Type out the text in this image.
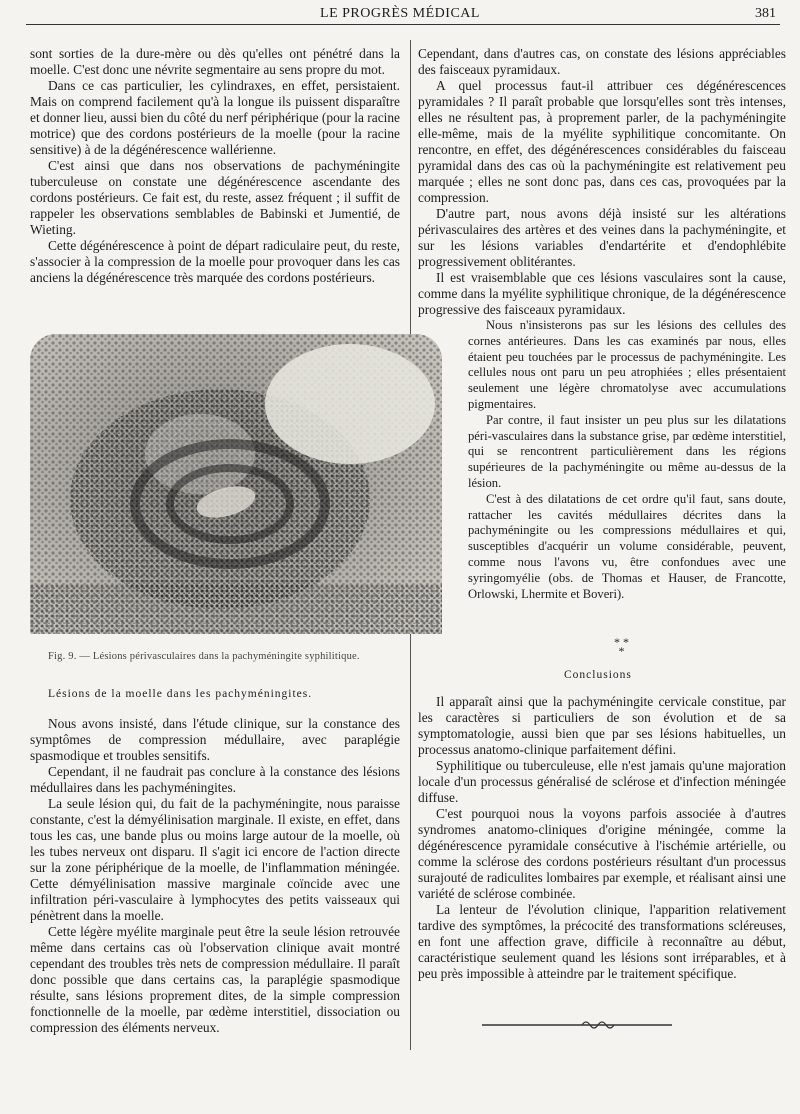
LE PROGRÈS MÉDICAL	381

sont sorties de la dure-mère ou dès qu'elles ont pénétré dans la moelle. C'est donc une névrite segmentaire au sens propre du mot.

Dans ce cas particulier, les cylindraxes, en effet, persistaient. Mais on comprend facilement qu'à la longue ils puissent disparaître et donner lieu, aussi bien du côté du nerf périphérique (pour la racine motrice) que des cordons postérieurs de la moelle (pour la racine sensitive) à de la dégénérescence wallérienne.

C'est ainsi que dans nos observations de pachyméningite tuberculeuse on constate une dégénérescence ascendante des cordons postérieurs. Ce fait est, du reste, assez fréquent ; il suffit de rappeler les observations semblables de Babinski et Jumentié, de Wieting.

Cette dégénérescence à point de départ radiculaire peut, du reste, s'associer à la compression de la moelle pour provoquer dans les cas anciens la dégénérescence très marquée des cordons postérieurs.

Fig. 9. — Lésions périvasculaires dans la pachyméningite syphilitique.
Lésions de la moelle dans les pachyméningites.

Nous avons insisté, dans l'étude clinique, sur la constance des symptômes de compression médullaire, avec paraplégie spasmodique et troubles sensitifs.

Cependant, il ne faudrait pas conclure à la constance des lésions médullaires dans les pachyméningites.

La seule lésion qui, du fait de la pachyméningite, nous paraisse constante, c'est la démyélinisation marginale. Il existe, en effet, dans tous les cas, une bande plus ou moins large autour de la moelle, où les tubes nerveux ont disparu. Il s'agit ici encore de l'action directe sur la zone périphérique de la moelle, de l'inflammation méningée. Cette démyélinisation massive marginale coïncide avec une infiltration péri-vasculaire à lymphocytes des petits vaisseaux qui pénètrent dans la moelle.

Cette légère myélite marginale peut être la seule lésion retrouvée même dans certains cas où l'observation clinique avait montré cependant des troubles très nets de compression médullaire. Il paraît donc possible que dans certains cas, la paraplégie spasmodique résulte, sans lésions proprement dites, de la simple compression fonctionnelle de la moelle, par œdème interstitiel, dissociation ou compression des éléments nerveux.

Cependant, dans d'autres cas, on constate des lésions appréciables des faisceaux pyramidaux.

A quel processus faut-il attribuer ces dégénérescences pyramidales ? Il paraît probable que lorsqu'elles sont très intenses, elles ne résultent pas, à proprement parler, de la pachyméningite elle-même, mais de la myélite syphilitique concomitante. On rencontre, en effet, des dégénérescences considérables du faisceau pyramidal dans des cas où la pachyméningite est relativement peu marquée ; elles ne sont donc pas, dans ces cas, provoquées par la compression.

D'autre part, nous avons déjà insisté sur les altérations périvasculaires des artères et des veines dans la pachyméningite, et sur les lésions variables d'endartérite et d'endophlébite progressivement oblitérantes.

Il est vraisemblable que ces lésions vasculaires sont la cause, comme dans la myélite syphilitique chronique, de la dégénérescence progressive des faisceaux pyramidaux.

Nous n'insisterons pas sur les lésions des cellules des cornes antérieures. Dans les cas examinés par nous, elles étaient peu touchées par le processus de pachyméningite. Les cellules nous ont paru un peu atrophiées ; elles présentaient seulement une légère chromatolyse avec accumulations pigmentaires.

Par contre, il faut insister un peu plus sur les dilatations péri-vasculaires dans la substance grise, par œdème interstitiel, qui se rencontrent particulièrement dans les régions supérieures de la pachyméningite ou même au-dessus de la lésion.

C'est à des dilatations de cet ordre qu'il faut, sans doute, rattacher les cavités médullaires décrites dans la pachyméningite ou les compressions médullaires et qui, susceptibles d'acquérir un volume considérable, peuvent, comme nous l'avons vu, être confondues avec une syringomyélie (obs. de Thomas et Hauser, de Francotte, Orlowski, Lhermite et Boveri).

* *
*
Conclusions

Il apparaît ainsi que la pachyméningite cervicale constitue, par les caractères si particuliers de son évolution et de sa symptomatologie, aussi bien que par ses lésions habituelles, un processus anatomo-clinique parfaitement défini.

Syphilitique ou tuberculeuse, elle n'est jamais qu'une majoration locale d'un processus généralisé de sclérose et d'infection méningée diffuse.

C'est pourquoi nous la voyons parfois associée à d'autres syndromes anatomo-cliniques d'origine méningée, comme la dégénérescence pyramidale consécutive à l'ischémie artérielle, ou comme la sclérose des cordons postérieurs résultant d'un processus surajouté de radiculites lombaires par exemple, et réalisant ainsi une variété de sclérose combinée.

La lenteur de l'évolution clinique, l'apparition relativement tardive des symptômes, la précocité des transformations scléreuses, en font une affection grave, difficile à reconnaître au début, caractéristique seulement quand les lésions sont irréparables, et à peu près impossible à atteindre par le traitement spécifique.
